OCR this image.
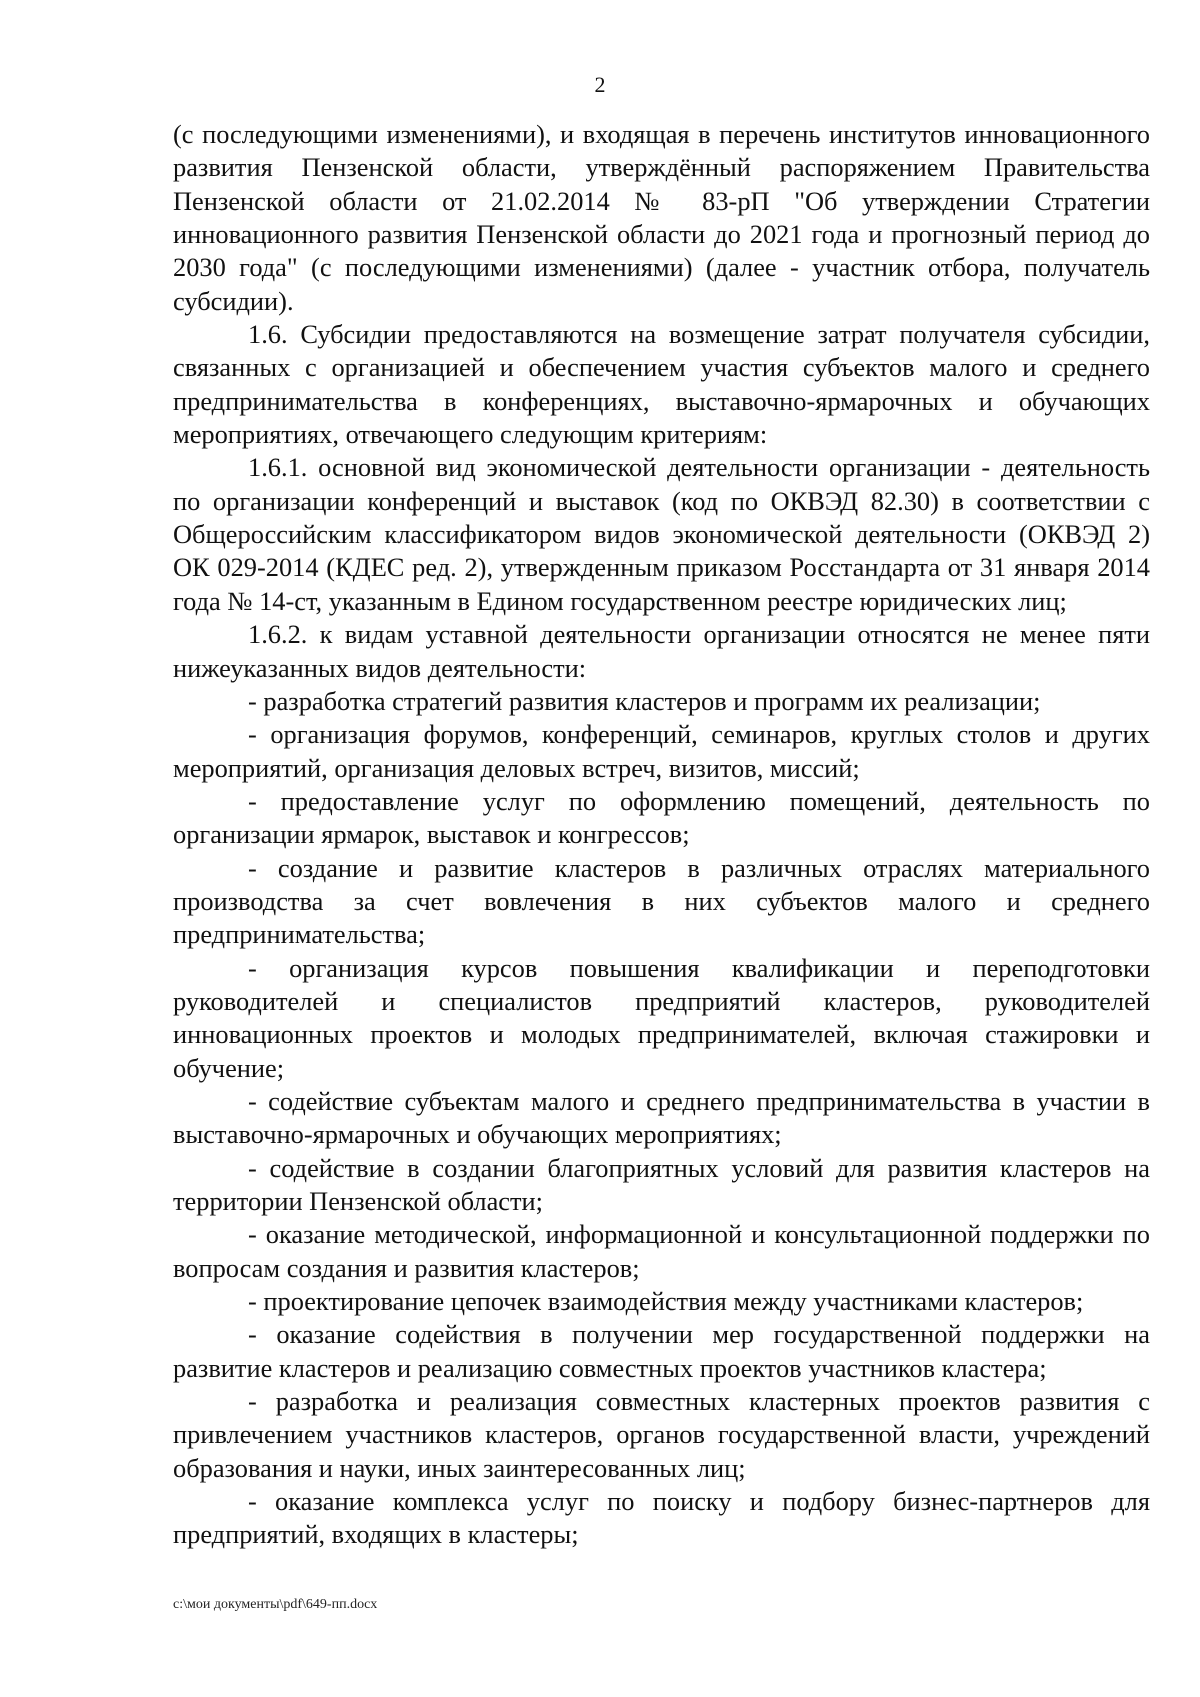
2

(с последующими изменениями), и входящая в перечень институтов инновационного развития Пензенской области, утверждённый распоряжением Правительства Пензенской области от 21.02.2014 № 83-рП "Об утверждении Стратегии инновационного развития Пензенской области до 2021 года и прогнозный период до 2030 года" (с последующими изменениями) (далее - участник отбора, получатель субсидии).

1.6. Субсидии предоставляются на возмещение затрат получателя субсидии, связанных с организацией и обеспечением участия субъектов малого и среднего предпринимательства в конференциях, выставочно-ярмарочных и обучающих мероприятиях, отвечающего следующим критериям:

1.6.1. основной вид экономической деятельности организации - деятельность по организации конференций и выставок (код по ОКВЭД 82.30) в соответствии с Общероссийским классификатором видов экономической деятельности (ОКВЭД 2) ОК 029-2014 (КДЕС ред. 2), утвержденным приказом Росстандарта от 31 января 2014 года № 14-ст, указанным в Едином государственном реестре юридических лиц;

1.6.2. к видам уставной деятельности организации относятся не менее пяти нижеуказанных видов деятельности:

- разработка стратегий развития кластеров и программ их реализации;

- организация форумов, конференций, семинаров, круглых столов и других мероприятий, организация деловых встреч, визитов, миссий;

- предоставление услуг по оформлению помещений, деятельность по организации ярмарок, выставок и конгрессов;

- создание и развитие кластеров в различных отраслях материального производства за счет вовлечения в них субъектов малого и среднего предпринимательства;

- организация курсов повышения квалификации и переподготовки руководителей и специалистов предприятий кластеров, руководителей инновационных проектов и молодых предпринимателей, включая стажировки и обучение;

- содействие субъектам малого и среднего предпринимательства в участии в выставочно-ярмарочных и обучающих мероприятиях;

- содействие в создании благоприятных условий для развития кластеров на территории Пензенской области;

- оказание методической, информационной и консультационной поддержки по вопросам создания и развития кластеров;

- проектирование цепочек взаимодействия между участниками кластеров;

- оказание содействия в получении мер государственной поддержки на развитие кластеров и реализацию совместных проектов участников кластера;

- разработка и реализация совместных кластерных проектов развития с привлечением участников кластеров, органов государственной власти, учреждений образования и науки, иных заинтересованных лиц;

- оказание комплекса услуг по поиску и подбору бизнес-партнеров для предприятий, входящих в кластеры;

c:\мои документы\pdf\649-пп.docx
